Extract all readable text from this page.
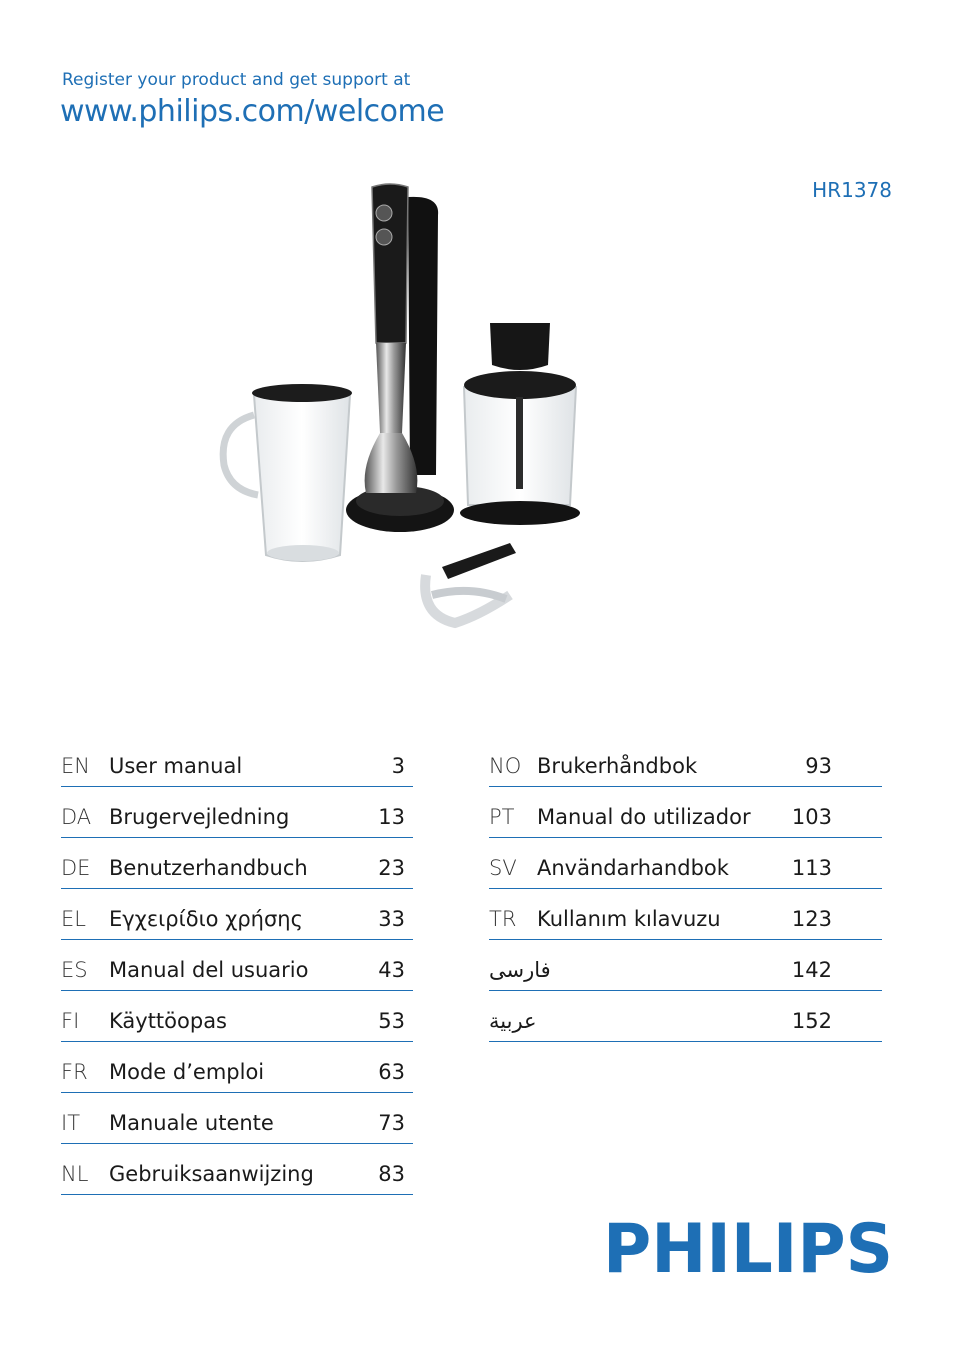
Register your product and get support at
www.philips.com/welcome
HR1378
EN User manual	3
DA Brugervejledning	13
DE Benutzerhandbuch	23
EL Εγχειρίδιο χρήσης	33
ES Manual del usuario	43
FI Käyttöopas	53
FR Mode d’emploi	63
IT Manuale utente	73
NL Gebruiksaanwijzing	83
NO Brukerhåndbok	93
PT Manual do utilizador 103
SV Användarhandbok	113
TR Kullanım kılavuzu	123
فارسی	142
عربية	152
PHILIPS
